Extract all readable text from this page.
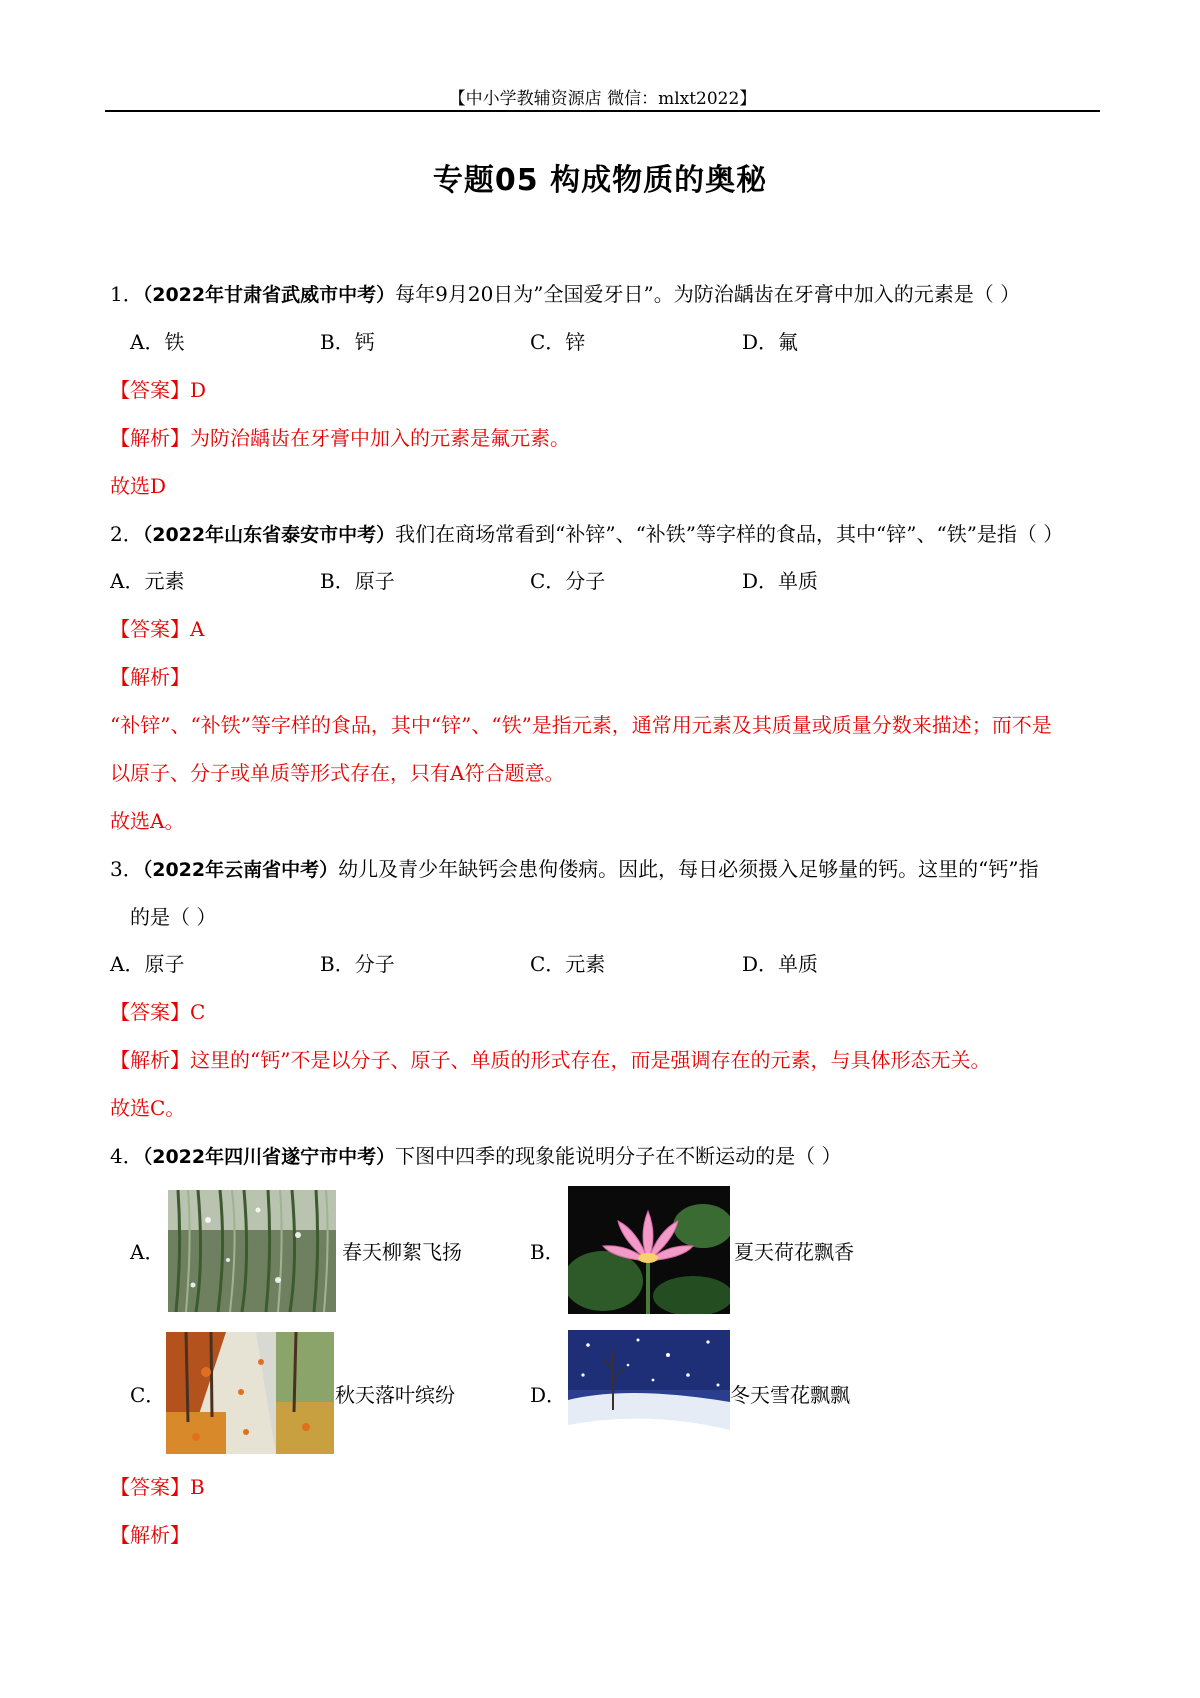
【中小学教辅资源店 微信：mlxt2022】
专题05 构成物质的奥秘
1．（2022年甘肃省武威市中考）每年9月20日为”全国爱牙日”。为防治龋齿在牙膏中加入的元素是（ ）
A．铁	B．钙	C．锌	D．氟
【答案】D
【解析】为防治龋齿在牙膏中加入的元素是氟元素。
故选D
2．（2022年山东省泰安市中考）我们在商场常看到“补锌”、“补铁”等字样的食品，其中“锌”、“铁”是指（ ）
A．元素	B．原子	C．分子	D．单质
【答案】A
【解析】
“补锌”、“补铁”等字样的食品，其中“锌”、“铁”是指元素，通常用元素及其质量或质量分数来描述；而不是
以原子、分子或单质等形式存在，只有A符合题意。
故选A。
3．（2022年云南省中考）幼儿及青少年缺钙会患佝偻病。因此，每日必须摄入足够量的钙。这里的“钙”指
的是（ ）
A．原子	B．分子	C．元素	D．单质
【答案】C
【解析】这里的“钙”不是以分子、原子、单质的形式存在，而是强调存在的元素，与具体形态无关。
故选C。
4．（2022年四川省遂宁市中考）下图中四季的现象能说明分子在不断运动的是（ ）
A．	春天柳絮飞扬	B．	夏天荷花飘香
C．	秋天落叶缤纷	D．	冬天雪花飘飘
【答案】B
【解析】
